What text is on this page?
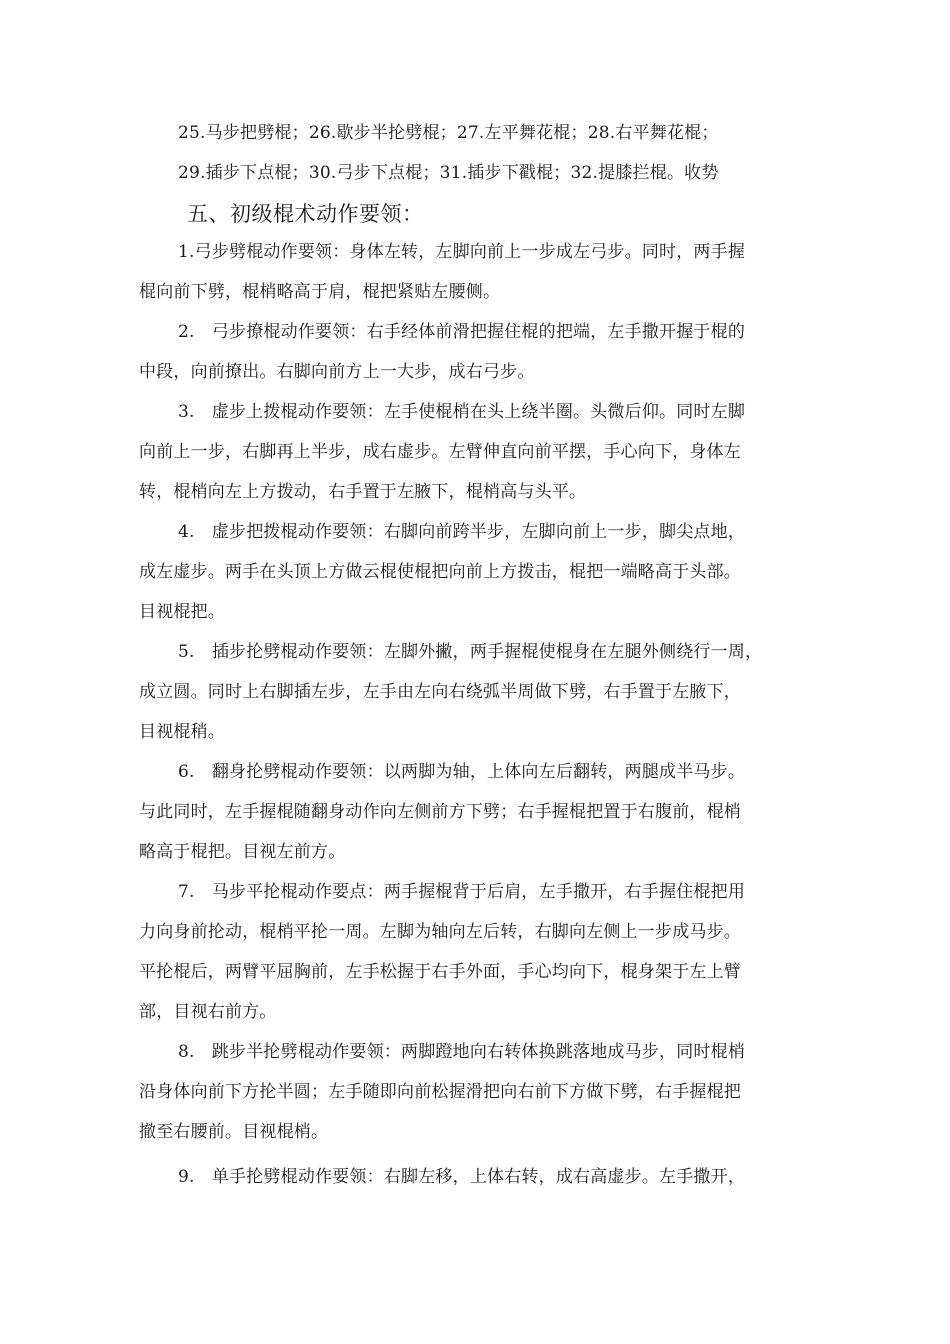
25.马步把劈棍；26.歇步半抡劈棍；27.左平舞花棍；28.右平舞花棍；
29.插步下点棍；30.弓步下点棍；31.插步下戳棍；32.提膝拦棍。收势
五、初级棍术动作要领：
1.弓步劈棍动作要领：身体左转，左脚向前上一步成左弓步。同时，两手握
棍向前下劈，棍梢略高于肩，棍把紧贴左腰侧。
2.　弓步撩棍动作要领：右手经体前滑把握住棍的把端，左手撒开握于棍的
中段，向前撩出。右脚向前方上一大步，成右弓步。
3.　虚步上拨棍动作要领：左手使棍梢在头上绕半圈。头微后仰。同时左脚
向前上一步，右脚再上半步，成右虚步。左臂伸直向前平摆，手心向下，身体左
转，棍梢向左上方拨动，右手置于左腋下，棍梢高与头平。
4.　虚步把拨棍动作要领：右脚向前跨半步，左脚向前上一步，脚尖点地，
成左虚步。两手在头顶上方做云棍使棍把向前上方拨击，棍把一端略高于头部。
目视棍把。
5.　插步抡劈棍动作要领：左脚外撇，两手握棍使棍身在左腿外侧绕行一周，
成立圆。同时上右脚插左步，左手由左向右绕弧半周做下劈，右手置于左腋下，
目视棍稍。
6.　翻身抡劈棍动作要领：以两脚为轴，上体向左后翻转，两腿成半马步。
与此同时，左手握棍随翻身动作向左侧前方下劈；右手握棍把置于右腹前，棍梢
略高于棍把。目视左前方。
7.　马步平抡棍动作要点：两手握棍背于后肩，左手撒开，右手握住棍把用
力向身前抡动，棍梢平抡一周。左脚为轴向左后转，右脚向左侧上一步成马步。
平抡棍后，两臂平屈胸前，左手松握于右手外面，手心均向下，棍身架于左上臂
部，目视右前方。
8.　跳步半抡劈棍动作要领：两脚蹬地向右转体换跳落地成马步，同时棍梢
沿身体向前下方抡半圆；左手随即向前松握滑把向右前下方做下劈，右手握棍把
撤至右腰前。目视棍梢。
9.　单手抡劈棍动作要领：右脚左移，上体右转，成右高虚步。左手撒开，
